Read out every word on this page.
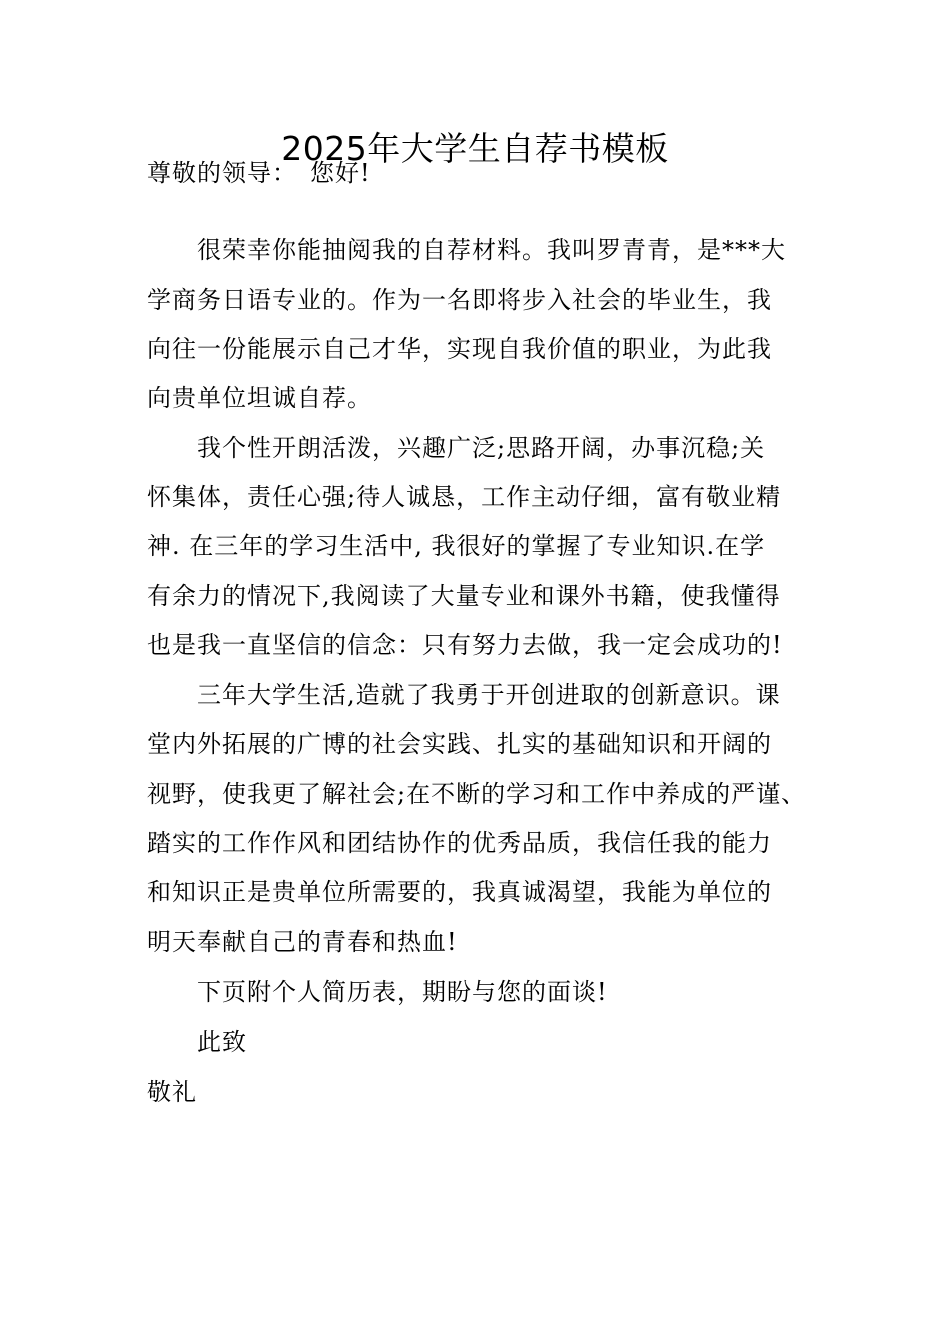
2025年大学生自荐书模板
尊敬的领导：　您好!
很荣幸你能抽阅我的自荐材料。我叫罗青青，是***大
学商务日语专业的。作为一名即将步入社会的毕业生，我
向往一份能展示自己才华，实现自我价值的职业，为此我
向贵单位坦诚自荐。
我个性开朗活泼，兴趣广泛;思路开阔，办事沉稳;关
怀集体，责任心强;待人诚恳，工作主动仔细，富有敬业精
神. 在三年的学习生活中, 我很好的掌握了专业知识.在学
有余力的情况下,我阅读了大量专业和课外书籍，使我懂得
也是我一直坚信的信念：只有努力去做，我一定会成功的!
三年大学生活,造就了我勇于开创进取的创新意识。课
堂内外拓展的广博的社会实践、扎实的基础知识和开阔的
视野，使我更了解社会;在不断的学习和工作中养成的严谨、
踏实的工作作风和团结协作的优秀品质，我信任我的能力
和知识正是贵单位所需要的，我真诚渴望，我能为单位的
明天奉献自己的青春和热血!
下页附个人简历表，期盼与您的面谈!
此致
敬礼
